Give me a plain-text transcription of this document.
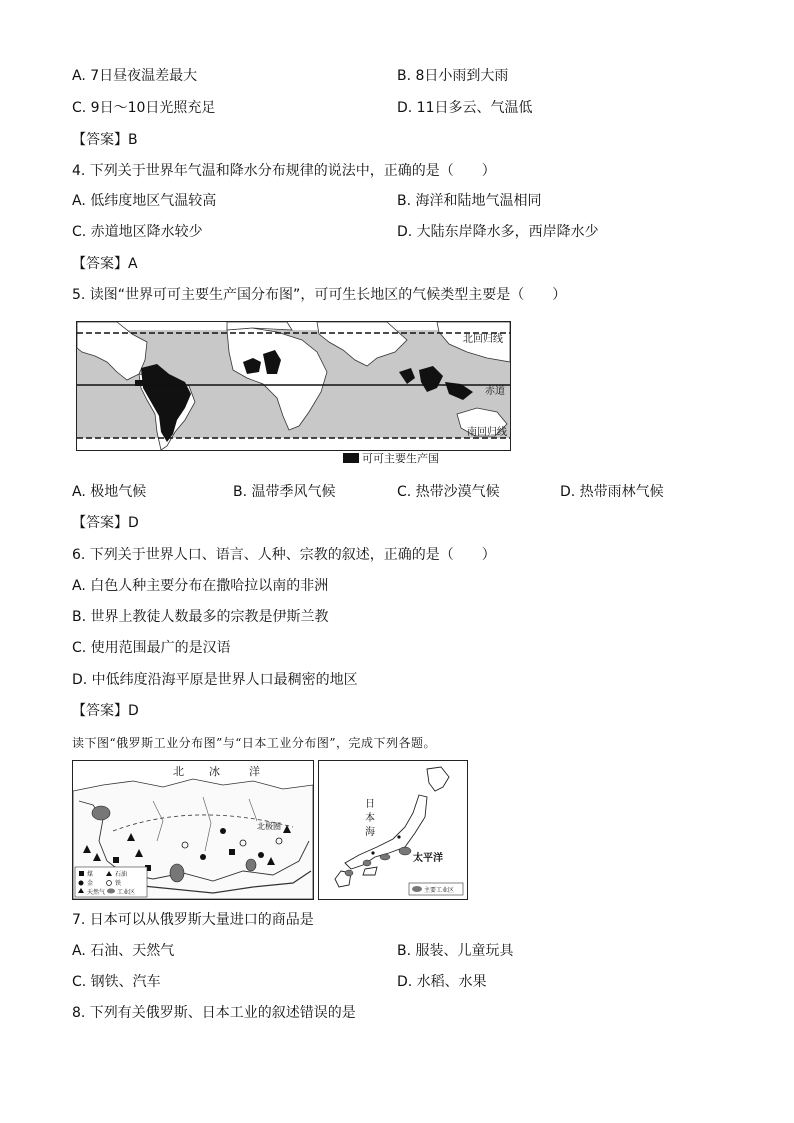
A. 7日昼夜温差最大	B. 8日小雨到大雨
C. 9日～10日光照充足	D. 11日多云、气温低
【答案】B
4. 下列关于世界年气温和降水分布规律的说法中，正确的是（　　）
A. 低纬度地区气温较高	B. 海洋和陆地气温相同
C. 赤道地区降水较少	D. 大陆东岸降水多，西岸降水少
【答案】A
5. 读图“世界可可主要生产国分布图”，可可生长地区的气候类型主要是（　　）
北回归线
赤道
南回归线
可可主要生产国
A. 极地气候	B. 温带季风气候	C. 热带沙漠气候	D. 热带雨林气候
【答案】D
6. 下列关于世界人口、语言、人种、宗教的叙述，正确的是（　　）
A. 白色人种主要分布在撒哈拉以南的非洲
B. 世界上教徒人数最多的宗教是伊斯兰教
C. 使用范围最广的是汉语
D. 中低纬度沿海平原是世界人口最稠密的地区
【答案】D
读下图“俄罗斯工业分布图”与“日本工业分布图”，完成下列各题。
北 冰	洋
北极圈
煤	石油
金	铁
天然气 工业区
日
本
海
太平洋
主要工业区
7. 日本可以从俄罗斯大量进口的商品是
A. 石油、天然气	B. 服装、儿童玩具
C. 钢铁、汽车	D. 水稻、水果
8. 下列有关俄罗斯、日本工业的叙述错误的是
